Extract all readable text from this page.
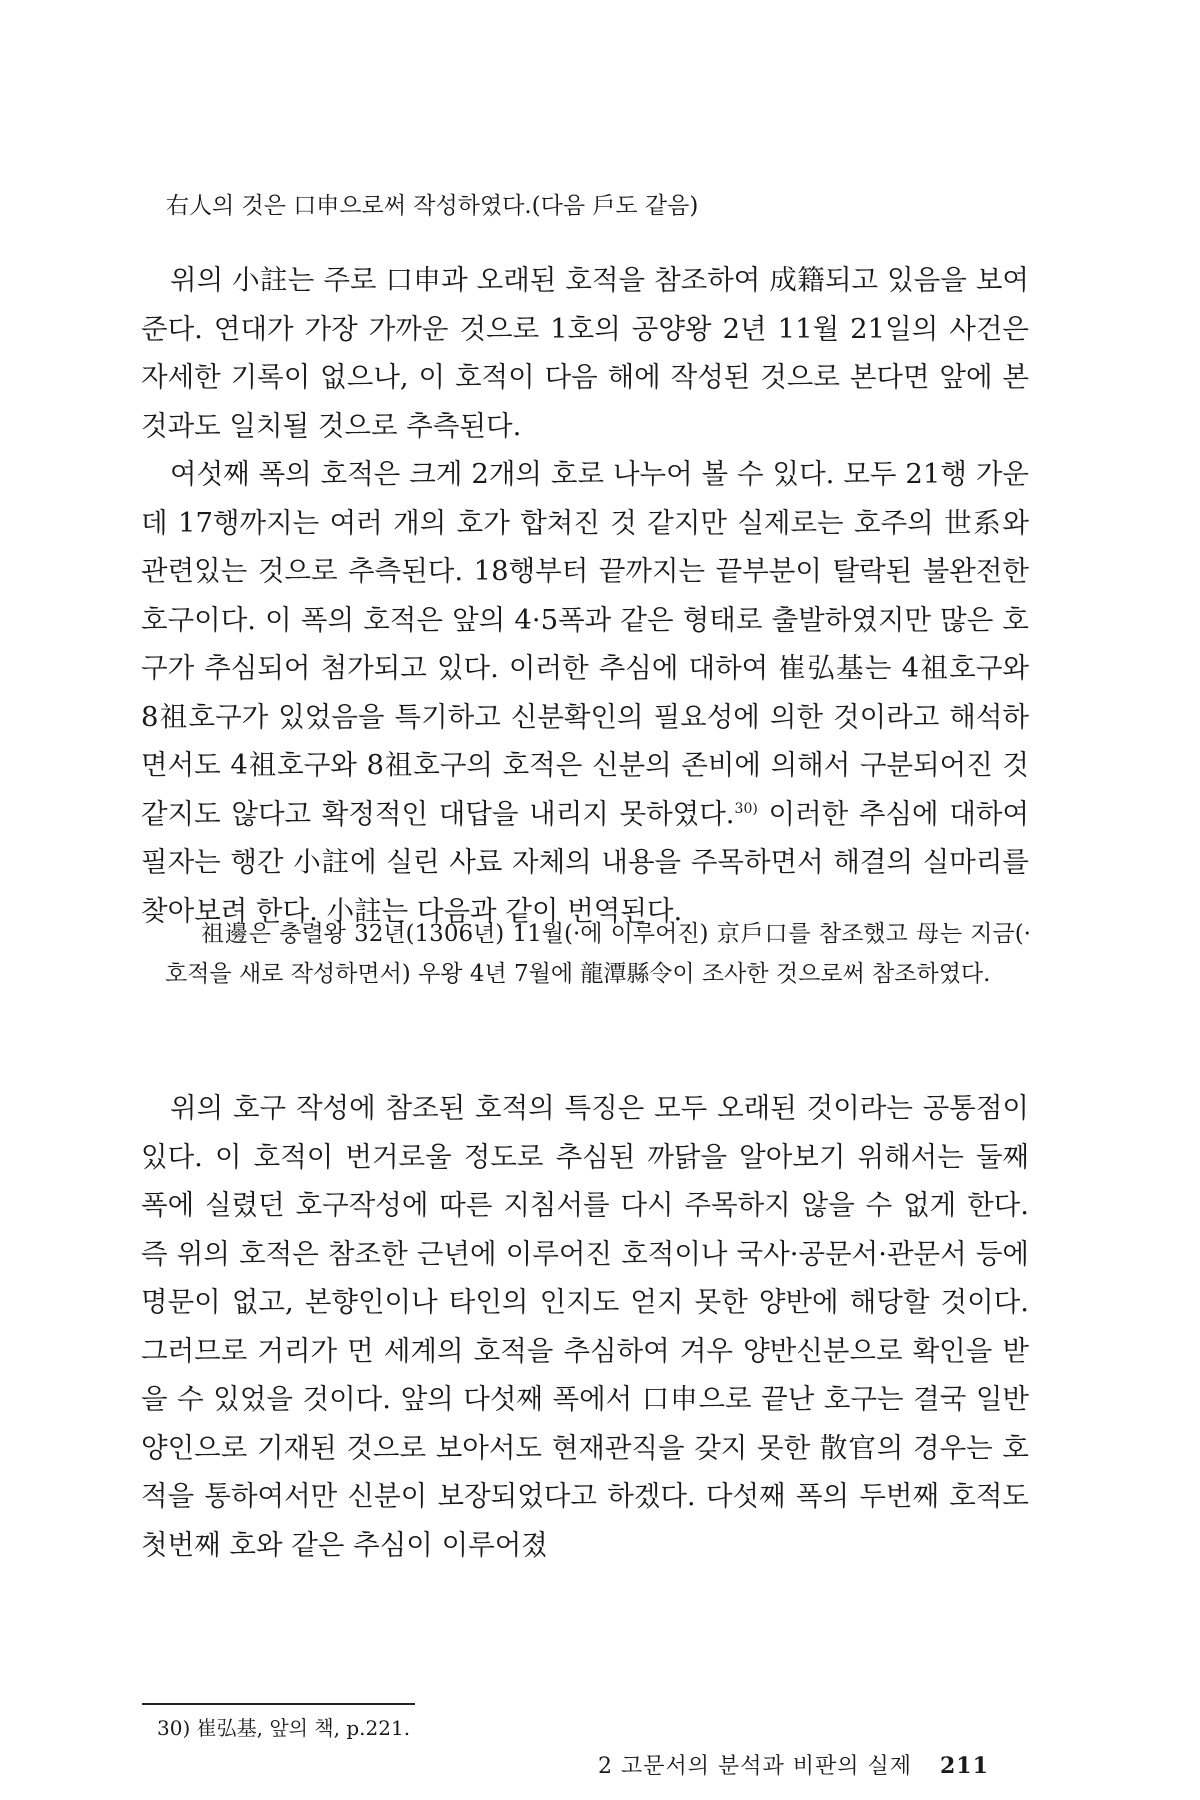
右人의 것은 口申으로써 작성하였다.(다음 戶도 같음)

위의 小註는 주로 口申과 오래된 호적을 참조하여 成籍되고 있음을 보여 준다. 연대가 가장 가까운 것으로 1호의 공양왕 2년 11월 21일의 사건은 자세한 기록이 없으나, 이 호적이 다음 해에 작성된 것으로 본다면 앞에 본 것과도 일치될 것으로 추측된다.

여섯째 폭의 호적은 크게 2개의 호로 나누어 볼 수 있다. 모두 21행 가운데 17행까지는 여러 개의 호가 합쳐진 것 같지만 실제로는 호주의 世系와 관련있는 것으로 추측된다. 18행부터 끝까지는 끝부분이 탈락된 불완전한 호구이다. 이 폭의 호적은 앞의 4·5폭과 같은 형태로 출발하였지만 많은 호구가 추심되어 첨가되고 있다. 이러한 추심에 대하여 崔弘基는 4祖호구와 8祖호구가 있었음을 특기하고 신분확인의 필요성에 의한 것이라고 해석하면서도 4祖호구와 8祖호구의 호적은 신분의 존비에 의해서 구분되어진 것 같지도 않다고 확정적인 대답을 내리지 못하였다.$^{30)}$ 이러한 추심에 대하여 필자는 행간 小註에 실린 사료 자체의 내용을 주목하면서 해결의 실마리를 찾아보려 한다. 小註는 다음과 같이 번역된다.

祖邊은 충렬왕 32년(1306년) 11월(·에 이루어진) 京戶口를 참조했고 母는 지금(·호적을 새로 작성하면서) 우왕 4년 7월에 龍潭縣令이 조사한 것으로써 참조하였다.

위의 호구 작성에 참조된 호적의 특징은 모두 오래된 것이라는 공통점이 있다. 이 호적이 번거로울 정도로 추심된 까닭을 알아보기 위해서는 둘째 폭에 실렸던 호구작성에 따른 지침서를 다시 주목하지 않을 수 없게 한다. 즉 위의 호적은 참조한 근년에 이루어진 호적이나 국사·공문서·관문서 등에 명문이 없고, 본향인이나 타인의 인지도 얻지 못한 양반에 해당할 것이다. 그러므로 거리가 먼 세계의 호적을 추심하여 겨우 양반신분으로 확인을 받을 수 있었을 것이다. 앞의 다섯째 폭에서 口申으로 끝난 호구는 결국 일반 양인으로 기재된 것으로 보아서도 현재관직을 갖지 못한 散官의 경우는 호적을 통하여서만 신분이 보장되었다고 하겠다. 다섯째 폭의 두번째 호적도 첫번째 호와 같은 추심이 이루어졌

30) 崔弘基, 앞의 책, p.221.
2 고문서의 분석과 비판의 실제 211
